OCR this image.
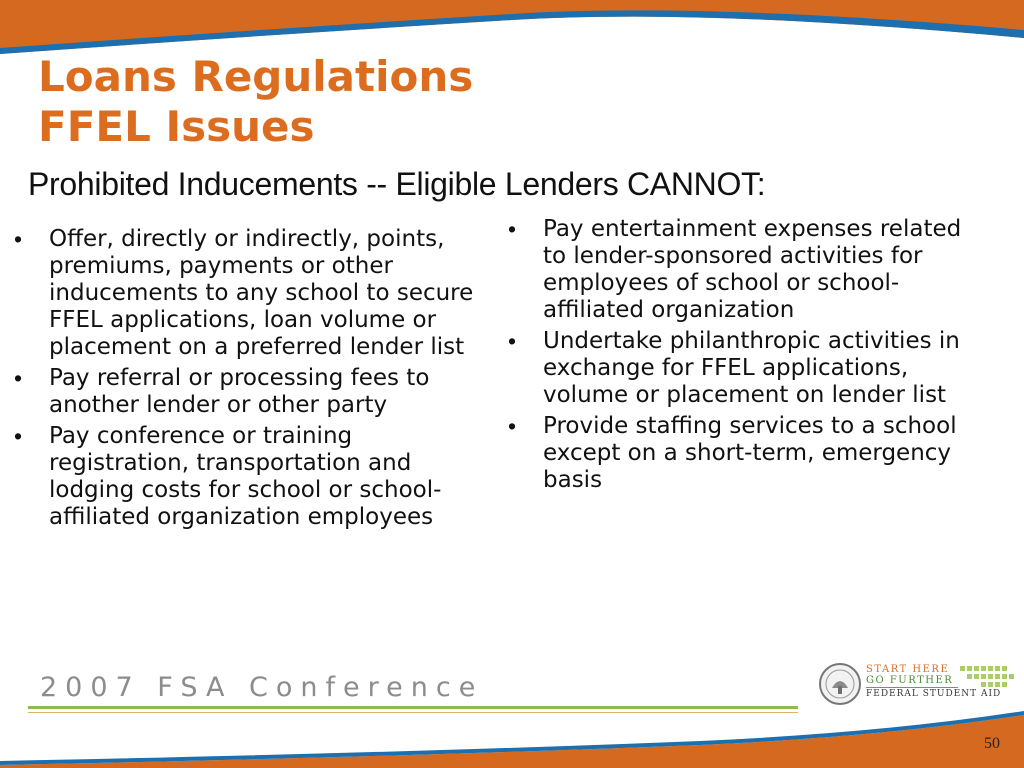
Loans Regulations
FFEL Issues

Prohibited Inducements -- Eligible Lenders CANNOT:

• Offer, directly or indirectly, points, premiums, payments or other inducements to any school to secure FFEL applications, loan volume or placement on a preferred lender list
• Pay referral or processing fees to another lender or other party
• Pay conference or training registration, transportation and lodging costs for school or school-affiliated organization employees
• Pay entertainment expenses related to lender-sponsored activities for employees of school or school-affiliated organization
• Undertake philanthropic activities in exchange for FFEL applications, volume or placement on lender list
• Provide staffing services to a school except on a short-term, emergency basis

2007 FSA Conference

START HERE
GO FURTHER
FEDERAL STUDENT AID

50
